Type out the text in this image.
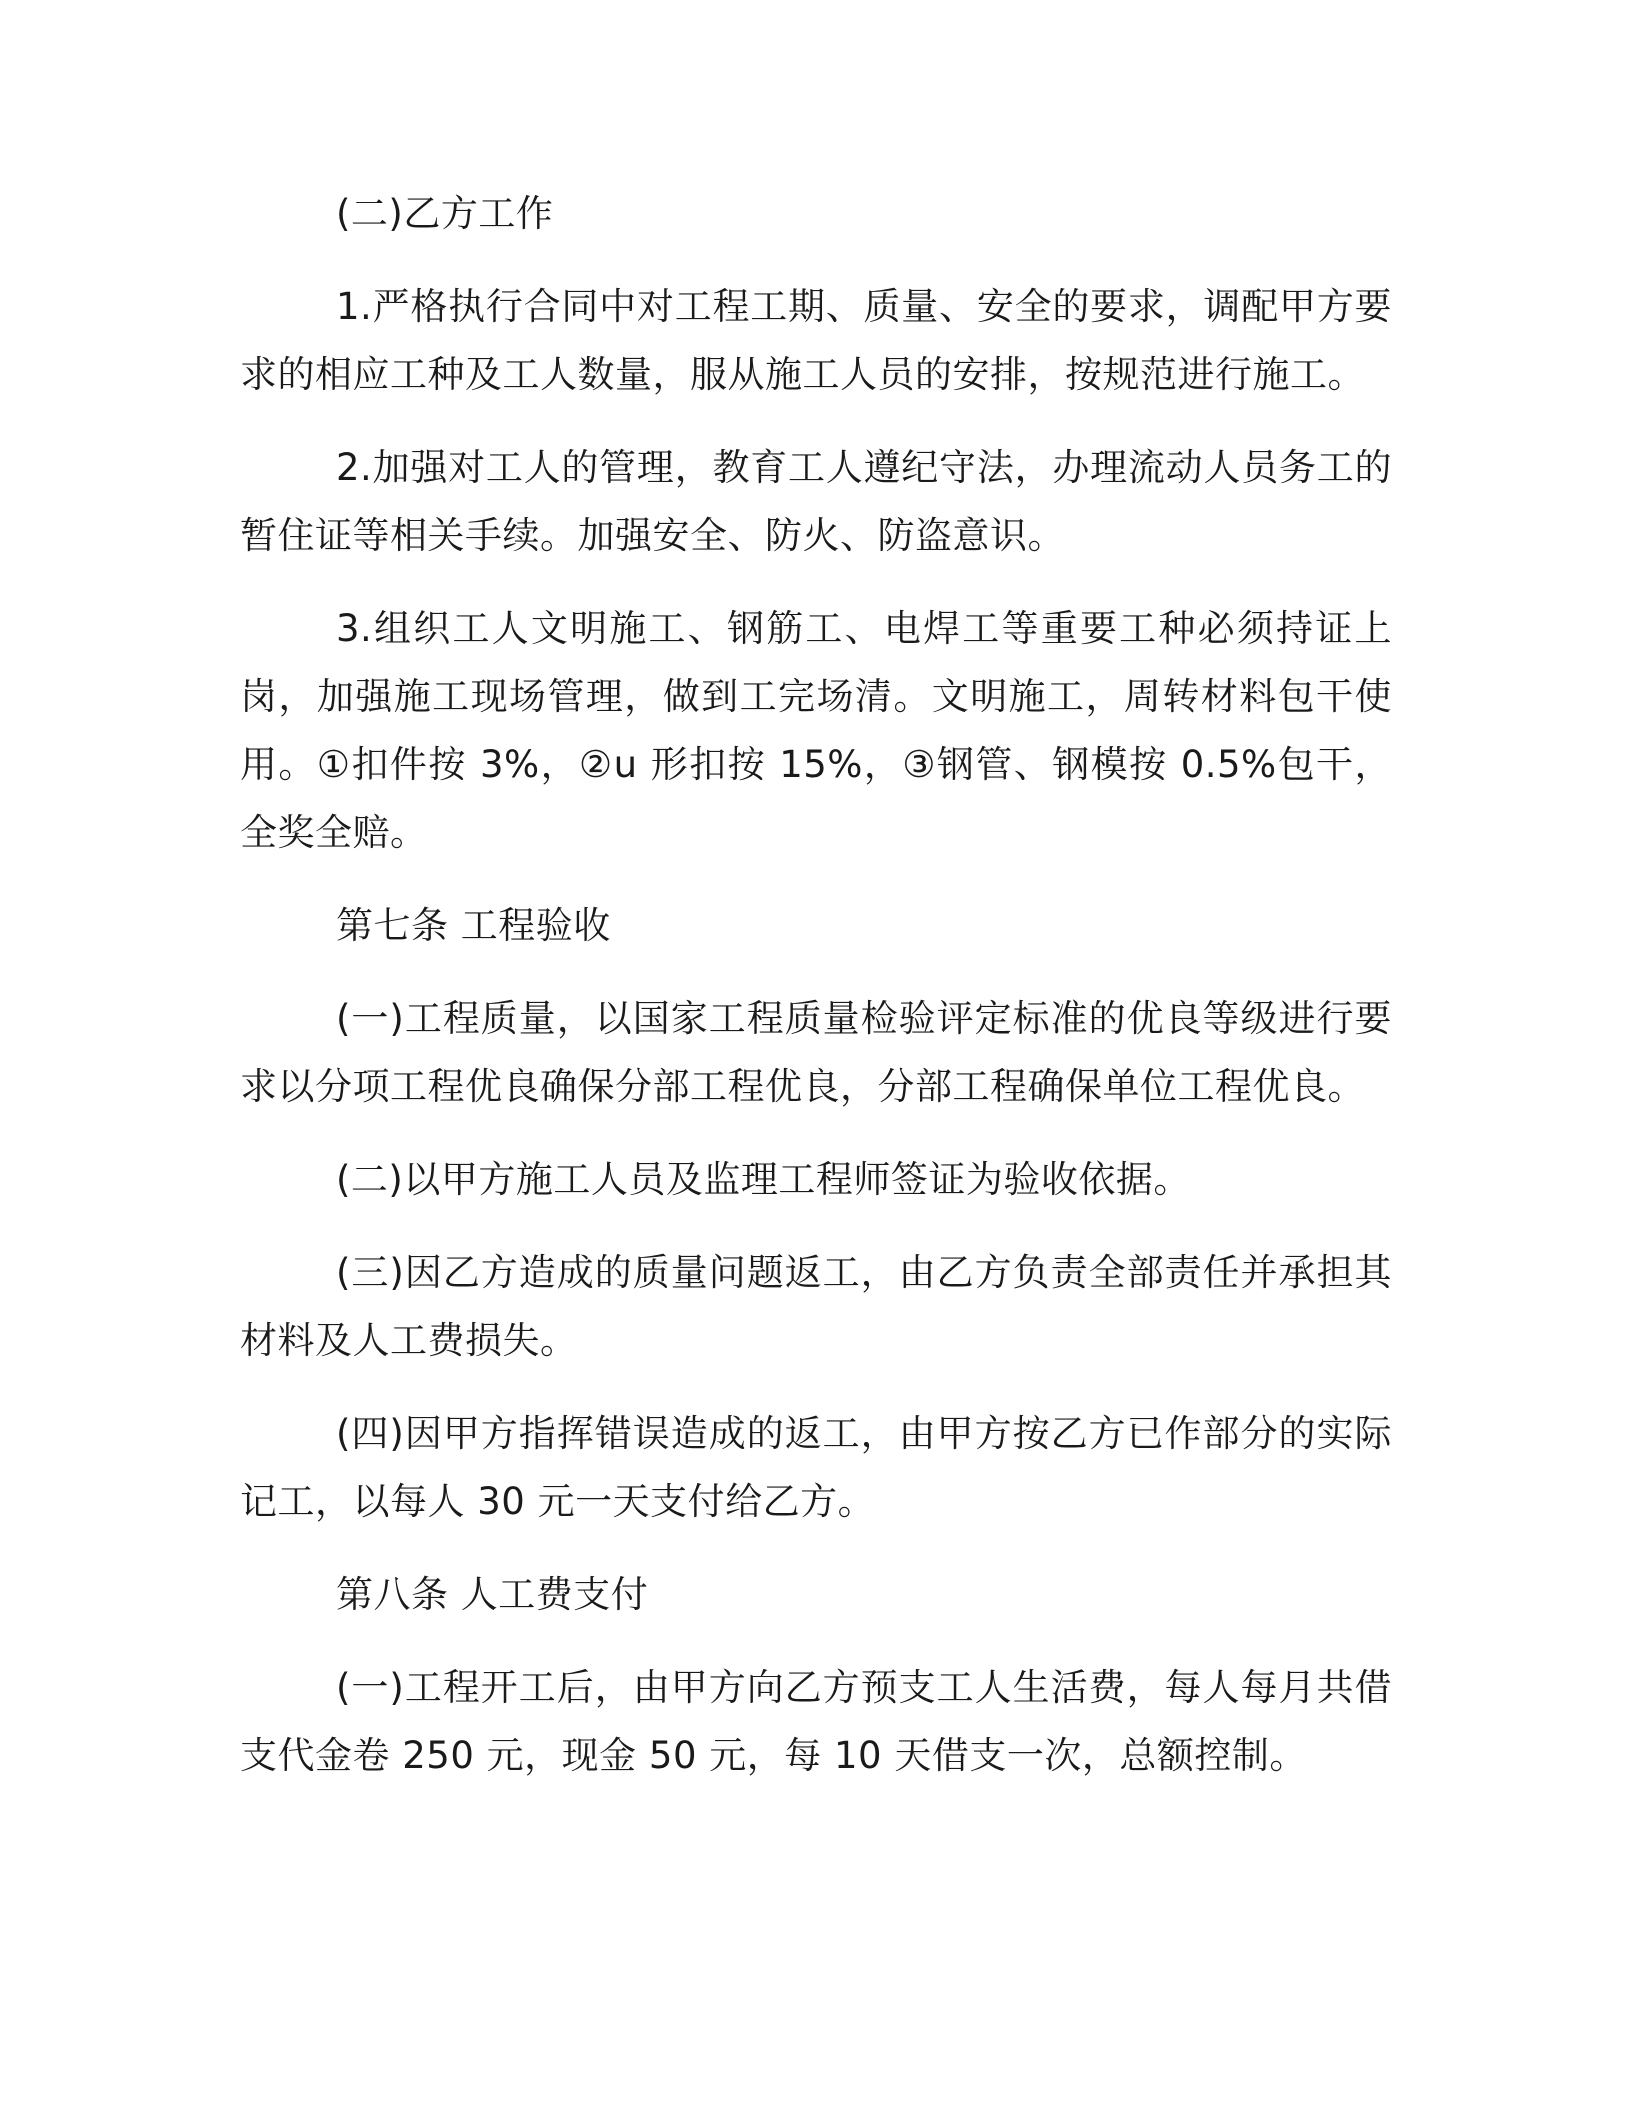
(二)乙方工作

1.严格执行合同中对工程工期、质量、安全的要求，调配甲方要求的相应工种及工人数量，服从施工人员的安排，按规范进行施工。

2.加强对工人的管理，教育工人遵纪守法，办理流动人员务工的暂住证等相关手续。加强安全、防火、防盗意识。

3.组织工人文明施工、钢筋工、电焊工等重要工种必须持证上岗，加强施工现场管理，做到工完场清。文明施工，周转材料包干使用。①扣件按 3%，②u 形扣按 15%，③钢管、钢模按 0.5%包干，全奖全赔。

第七条 工程验收

(一)工程质量，以国家工程质量检验评定标准的优良等级进行要求以分项工程优良确保分部工程优良，分部工程确保单位工程优良。

(二)以甲方施工人员及监理工程师签证为验收依据。

(三)因乙方造成的质量问题返工，由乙方负责全部责任并承担其材料及人工费损失。

(四)因甲方指挥错误造成的返工，由甲方按乙方已作部分的实际记工，以每人 30 元一天支付给乙方。

第八条 人工费支付

(一)工程开工后，由甲方向乙方预支工人生活费，每人每月共借支代金卷 250 元，现金 50 元，每 10 天借支一次，总额控制。
